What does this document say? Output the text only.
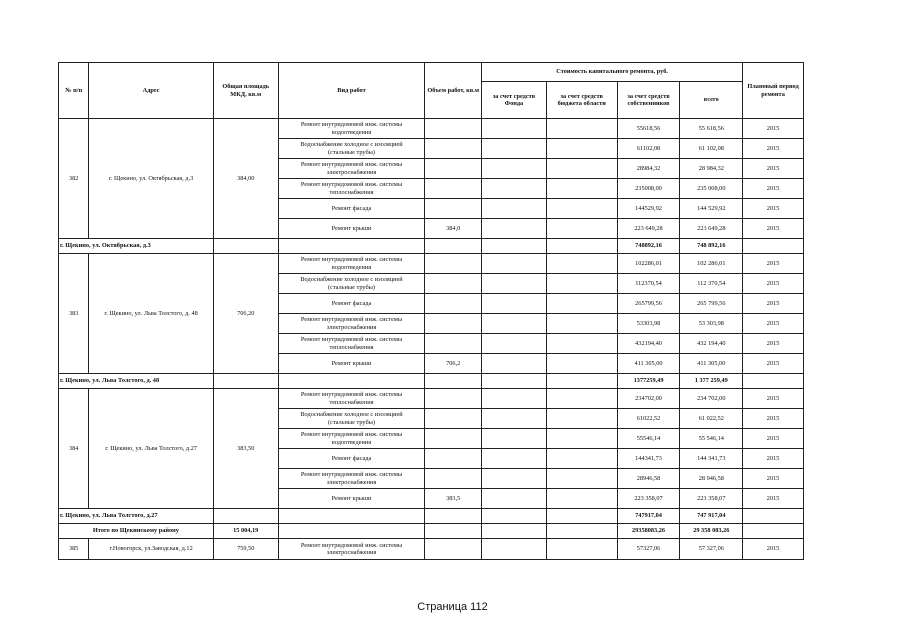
№ п/п	Адрес	Общая площадь МКД, кв.м	Вид работ	Объем работ, кв.м	Стоимость капитального ремонта, руб.				Плановый период ремонта
					за счет средств Фонда	за счет средств бюджета области	за счет средств собственников	всего	
382	г. Щекино, ул. Октябрьская, д.3	384,00	Ремонт внутридомовой инж. системы водоотведения				55618,56	55 618,56	2015
			Водоснабжение холодное с изоляцией (стальные трубы)				61102,08	61 102,08	2015
			Ремонт внутридомовой инж. системы электроснабжения				28984,32	28 984,32	2015
			Ремонт внутридомовой инж. системы теплоснабжения				235008,00	235 008,00	2015
			Ремонт фасада				144529,92	144 529,92	2015
			Ремонт крыши	384,0			223 649,28	223 649,28	2015
г. Щекино, ул. Октябрьская, д.3							748892,16	748 892,16	
383	г. Щекино, ул. Льва Толстого, д. 48	706,20	Ремонт внутридомовой инж. системы водоотведения				102286,01	102 286,01	2015
			Водоснабжение холодное с изоляцией (стальные трубы)				112370,54	112 370,54	2015
			Ремонт фасада				265799,56	265 799,56	2015
			Ремонт внутридомовой инж. системы электроснабжения				53303,98	53 303,98	2015
			Ремонт внутридомовой инж. системы теплоснабжения				432194,40	432 194,40	2015
			Ремонт крыши	706,2			411 305,00	411 305,00	2015
г. Щекино, ул. Льва Толстого, д. 48							1377259,49	1 377 259,49	
384	г. Щекино, ул. Льва Толстого, д.27	383,50	Ремонт внутридомовой инж. системы теплоснабжения				234702,00	234 702,00	2015
			Водоснабжение холодное с изоляцией (стальные трубы)				61022,52	61 022,52	2015
			Ремонт внутридомовой инж. системы водоотведения				55546,14	55 546,14	2015
			Ремонт фасада				144341,73	144 341,73	2015
			Ремонт внутридомовой инж. системы электроснабжения				28946,58	28 946,58	2015
			Ремонт крыши	383,5			223 358,07	223 358,07	2015
г. Щекино, ул. Льва Толстого, д.27							747917,04	747 917,04	
Итого по Щекинскому району		15 004,19					29358083,26	29 358 083,26	
385	г.Новогорск, ул.Заводская, д.12	759,50	Ремонт внутридомовой инж. системы электроснабжения				57327,06	57 327,06	2015
Страница 112
